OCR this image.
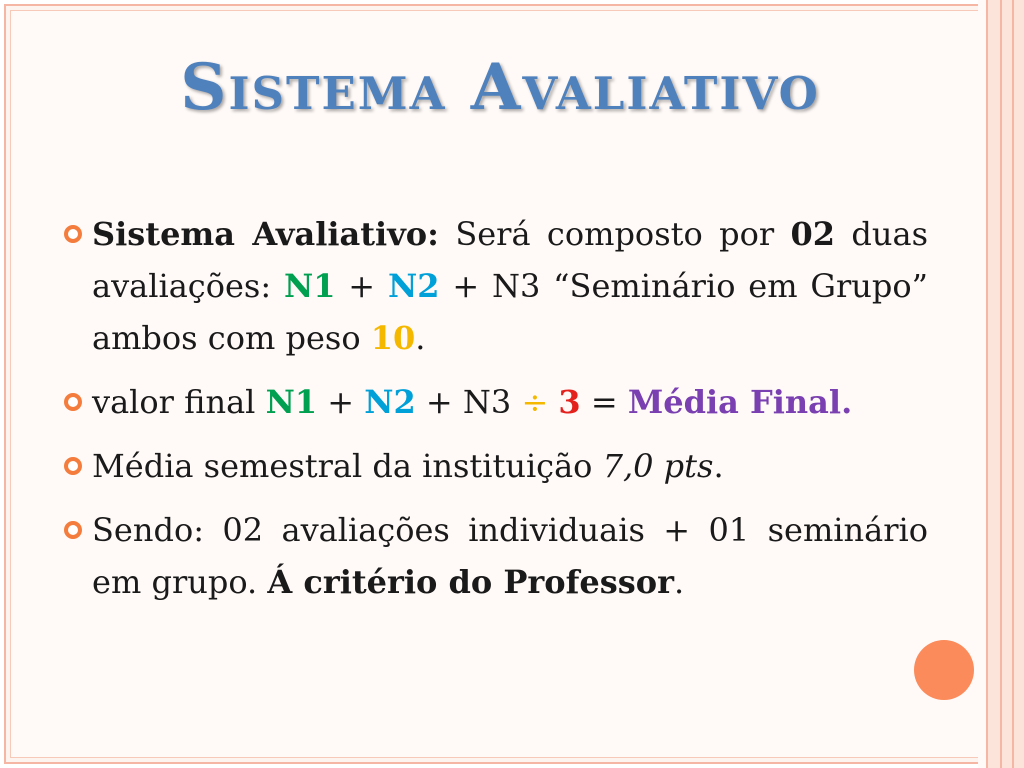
Sistema Avaliativo
Sistema Avaliativo: Será composto por 02 duas avaliações: N1 + N2 + N3 “Seminário em Grupo” ambos com peso 10.
valor final N1 + N2 + N3 ÷ 3 = Média Final.
Média semestral da instituição 7,0 pts.
Sendo: 02 avaliações individuais + 01 seminário em grupo. Á critério do Professor.
